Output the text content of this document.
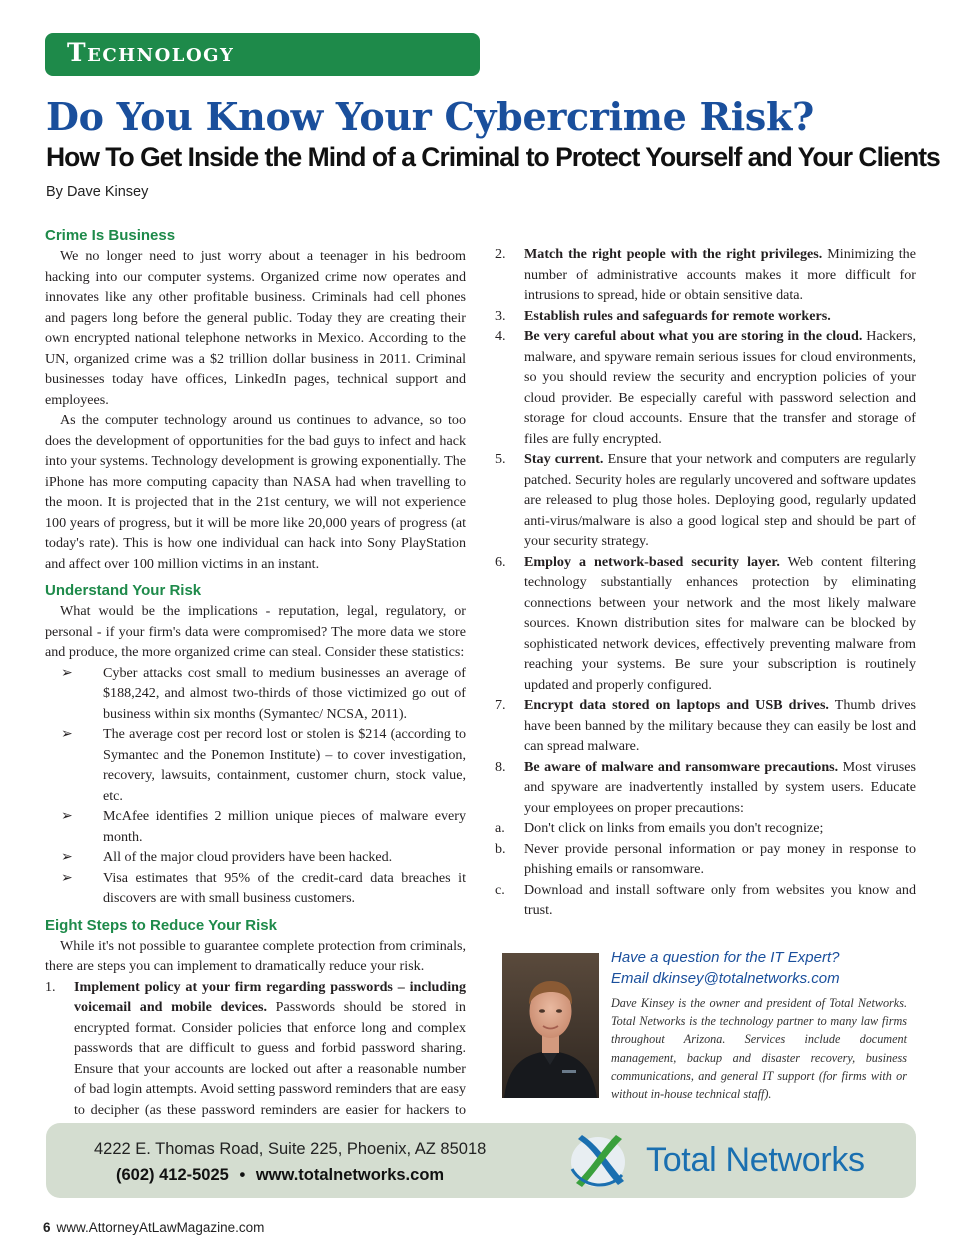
Technology
Do You Know Your Cybercrime Risk?
How To Get Inside the Mind of a Criminal to Protect Yourself and Your Clients
By Dave Kinsey
Crime Is Business

We no longer need to just worry about a teenager in his bedroom hacking into our computer systems. Organized crime now operates and innovates like any other profitable business. Criminals had cell phones and pagers long before the general public. Today they are creating their own encrypted national telephone networks in Mexico. According to the UN, organized crime was a $2 trillion dollar business in 2011. Criminal businesses today have offices, LinkedIn pages, technical support and employees.

As the computer technology around us continues to advance, so too does the development of opportunities for the bad guys to infect and hack into your systems. Technology development is growing exponentially. The iPhone has more computing capacity than NASA had when travelling to the moon. It is projected that in the 21st century, we will not experience 100 years of progress, but it will be more like 20,000 years of progress (at today's rate). This is how one individual can hack into Sony PlayStation and affect over 100 million victims in an instant.

Understand Your Risk

What would be the implications - reputation, legal, regulatory, or personal - if your firm's data were compromised? The more data we store and produce, the more organized crime can steal. Consider these statistics:

➢	Cyber attacks cost small to medium businesses an average of $188,242, and almost two-thirds of those victimized go out of business within six months (Symantec/ NCSA, 2011).
➢	The average cost per record lost or stolen is $214 (according to Symantec and the Ponemon Institute) – to cover investigation, recovery, lawsuits, containment, customer churn, stock value, etc.
➢	McAfee identifies 2 million unique pieces of malware every month.
➢	All of the major cloud providers have been hacked.
➢	Visa estimates that 95% of the credit-card data breaches it discovers are with small business customers.
Eight Steps to Reduce Your Risk

While it's not possible to guarantee complete protection from criminals, there are steps you can implement to dramatically reduce your risk.

1.	Implement policy at your firm regarding passwords – including voicemail and mobile devices. Passwords should be stored in encrypted format. Consider policies that enforce long and complex passwords that are difficult to guess and forbid password sharing. Ensure that your accounts are locked out after a reasonable number of bad login attempts. Avoid setting password reminders that are easy to decipher (as these password reminders are easier for hackers to
2.	Match the right people with the right privileges. Minimizing the number of administrative accounts makes it more difficult for intrusions to spread, hide or obtain sensitive data.
3.	Establish rules and safeguards for remote workers.
4.	Be very careful about what you are storing in the cloud. Hackers, malware, and spyware remain serious issues for cloud environments, so you should review the security and encryption policies of your cloud provider. Be especially careful with password selection and storage for cloud accounts. Ensure that the transfer and storage of files are fully encrypted.
5.	Stay current. Ensure that your network and computers are regularly patched. Security holes are regularly uncovered and software updates are released to plug those holes. Deploying good, regularly updated anti-virus/malware is also a good logical step and should be part of your security strategy.
6.	Employ a network-based security layer. Web content filtering technology substantially enhances protection by eliminating connections between your network and the most likely malware sources. Known distribution sites for malware can be blocked by sophisticated network devices, effectively preventing malware from reaching your systems. Be sure your subscription is routinely updated and properly configured.
7.	Encrypt data stored on laptops and USB drives. Thumb drives have been banned by the military because they can easily be lost and can spread malware.
8.	Be aware of malware and ransomware precautions. Most viruses and spyware are inadvertently installed by system users. Educate your employees on proper precautions:
a.	Don't click on links from emails you don't recognize;
b.	Never provide personal information or pay money in response to phishing emails or ransomware.
c.	Download and install software only from websites you know and trust.
Have a question for the IT Expert?
Email dkinsey@totalnetworks.com
Dave Kinsey is the owner and president of Total Networks. Total Networks is the technology partner to many law firms throughout Arizona. Services include document management, backup and disaster recovery, business communications, and general IT support (for firms with or without in-house technical staff).
4222 E. Thomas Road, Suite 225, Phoenix, AZ 85018
(602) 412-5025 • www.totalnetworks.com	Total Networks
6 www.AttorneyAtLawMagazine.com
